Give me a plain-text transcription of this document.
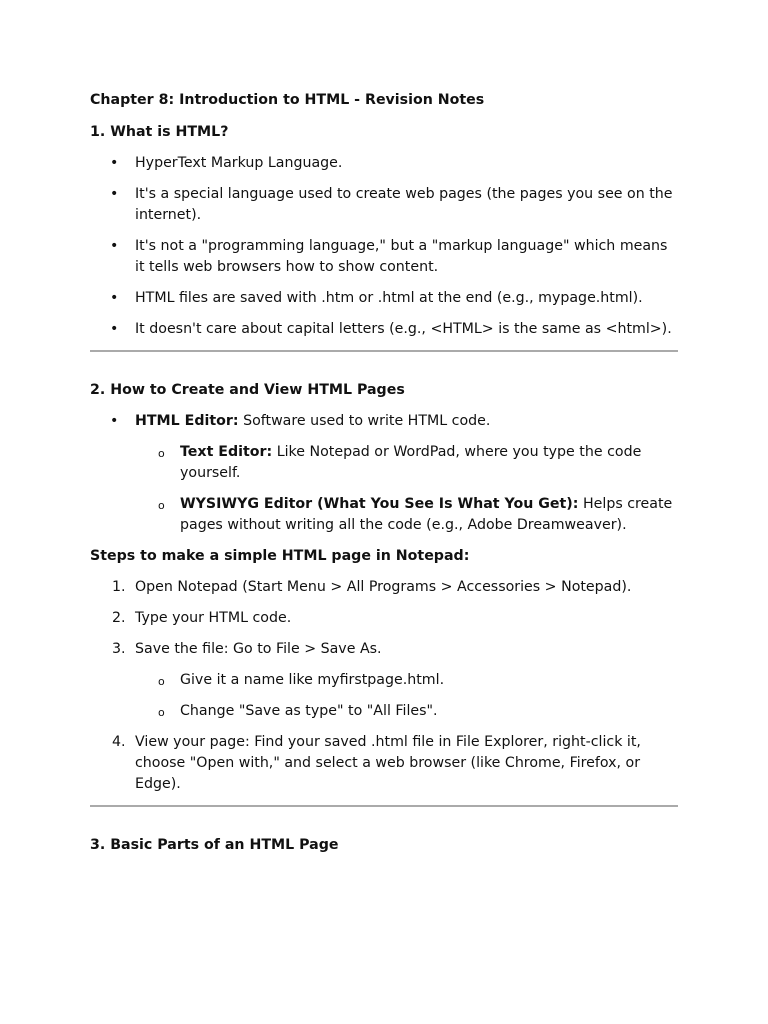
Chapter 8: Introduction to HTML - Revision Notes
1. What is HTML?
• HyperText Markup Language.
• It's a special language used to create web pages (the pages you see on the internet).
• It's not a "programming language," but a "markup language" which means it tells web browsers how to show content.
• HTML files are saved with .htm or .html at the end (e.g., mypage.html).
• It doesn't care about capital letters (e.g., <HTML> is the same as <html>).
2. How to Create and View HTML Pages
• HTML Editor: Software used to write HTML code.
o Text Editor: Like Notepad or WordPad, where you type the code yourself.
o WYSIWYG Editor (What You See Is What You Get): Helps create pages without writing all the code (e.g., Adobe Dreamweaver).
Steps to make a simple HTML page in Notepad:
1. Open Notepad (Start Menu > All Programs > Accessories > Notepad).
2. Type your HTML code.
3. Save the file: Go to File > Save As.
o Give it a name like myfirstpage.html.
o Change "Save as type" to "All Files".
4. View your page: Find your saved .html file in File Explorer, right-click it, choose "Open with," and select a web browser (like Chrome, Firefox, or Edge).
3. Basic Parts of an HTML Page
